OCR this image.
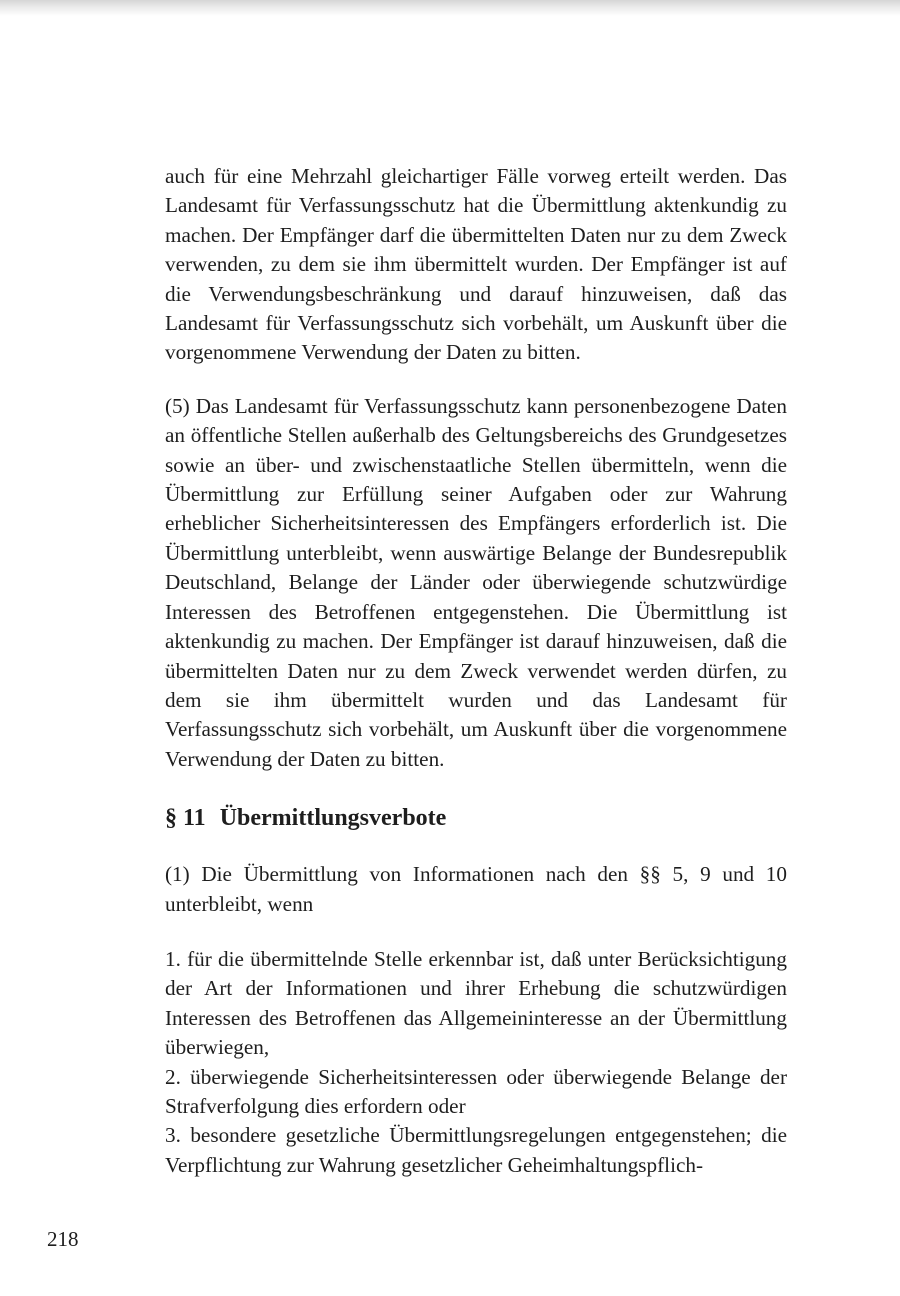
auch für eine Mehrzahl gleichartiger Fälle vorweg erteilt werden. Das Landesamt für Verfassungsschutz hat die Übermittlung aktenkundig zu machen. Der Empfänger darf die übermittelten Daten nur zu dem Zweck verwenden, zu dem sie ihm übermittelt wurden. Der Empfänger ist auf die Verwendungsbeschränkung und darauf hinzuweisen, daß das Landesamt für Verfassungsschutz sich vorbehält, um Auskunft über die vorgenommene Verwendung der Daten zu bitten.

(5) Das Landesamt für Verfassungsschutz kann personenbezogene Daten an öffentliche Stellen außerhalb des Geltungsbereichs des Grundgesetzes sowie an über- und zwischenstaatliche Stellen übermitteln, wenn die Übermittlung zur Erfüllung seiner Aufgaben oder zur Wahrung erheblicher Sicherheitsinteressen des Empfängers erforderlich ist. Die Übermittlung unterbleibt, wenn auswärtige Belange der Bundesrepublik Deutschland, Belange der Länder oder überwiegende schutzwürdige Interessen des Betroffenen entgegenstehen. Die Übermittlung ist aktenkundig zu machen. Der Empfänger ist darauf hinzuweisen, daß die übermittelten Daten nur zu dem Zweck verwendet werden dürfen, zu dem sie ihm übermittelt wurden und das Landesamt für Verfassungsschutz sich vorbehält, um Auskunft über die vorgenommene Verwendung der Daten zu bitten.

§ 11 Übermittlungsverbote

(1) Die Übermittlung von Informationen nach den §§ 5, 9 und 10 unterbleibt, wenn

1. für die übermittelnde Stelle erkennbar ist, daß unter Berücksichtigung der Art der Informationen und ihrer Erhebung die schutzwürdigen Interessen des Betroffenen das Allgemeininteresse an der Übermittlung überwiegen,
2. überwiegende Sicherheitsinteressen oder überwiegende Belange der Strafverfolgung dies erfordern oder
3. besondere gesetzliche Übermittlungsregelungen entgegenstehen; die Verpflichtung zur Wahrung gesetzlicher Geheimhaltungspflich-
218
